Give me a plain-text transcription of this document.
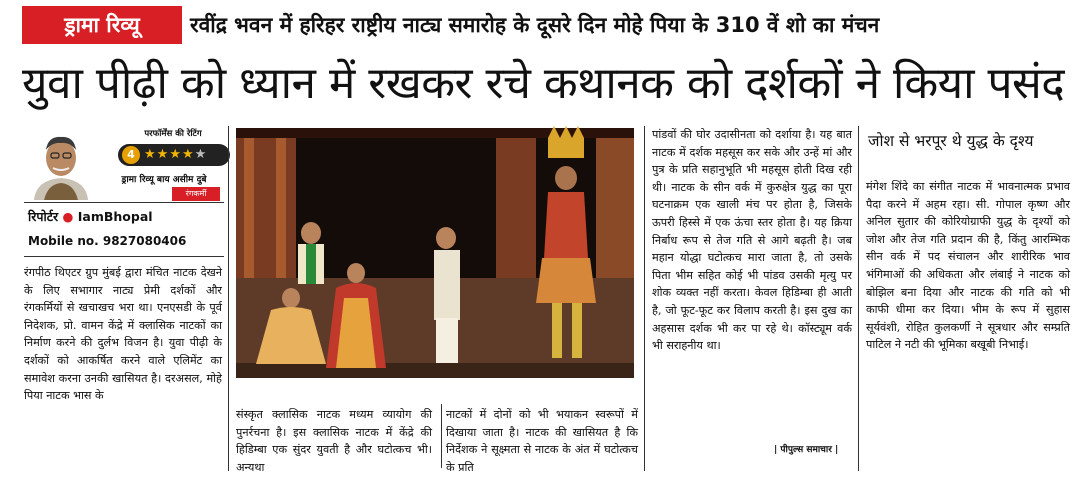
ड्रामा रिव्यू	रवींद्र भवन में हरिहर राष्ट्रीय नाट्य समारोह के दूसरे दिन मोहे पिया के 310 वें शो का मंचन
युवा पीढ़ी को ध्यान में रखकर रचे कथानक को दर्शकों ने किया पसंद
परफॉर्मेंस की रेटिंग
4 ★★★★★
ड्रामा रिव्यू बाय असीम दुबे
रंगकर्मी
रिपोर्टर ● IamBhopal
Mobile no. 9827080406

रंगपीठ थिएटर ग्रुप मुंबई द्वारा मंचित नाटक देखने के लिए सभागार नाट्य प्रेमी दर्शकों और रंगकर्मियों से खचाखच भरा था। एनएसडी के पूर्व निदेशक, प्रो. वामन केंद्रे में क्लासिक नाटकों का निर्माण करने की दुर्लभ विजन है। युवा पीढ़ी के दर्शकों को आकर्षित करने वाले एलिमेंट का समावेश करना उनकी खासियत है। दरअसल, मोहे पिया नाटक भास के

संस्कृत क्लासिक नाटक मध्यम व्यायोग की पुनर्रचना है। इस क्लासिक नाटक में केंद्रे की हिडिम्बा एक सुंदर युवती है और घटोत्कच भी। अन्यथा

नाटकों में दोनों को भी भयाकन स्वरूपों में दिखाया जाता है। नाटक की खासियत है कि निर्देशक ने सूक्ष्मता से नाटक के अंत में घटोत्कच के प्रति

पांडवों की घोर उदासीनता को दर्शाया है। यह बात नाटक में दर्शक महसूस कर सके और उन्हें मां और पुत्र के प्रति सहानुभूति भी महसूस होती दिख रही थी। नाटक के सीन वर्क में कुरुक्षेत्र युद्ध का पूरा घटनाक्रम एक खाली मंच पर होता है, जिसके ऊपरी हिस्से में एक ऊंचा स्तर होता है। यह क्रिया निर्बाध रूप से तेज गति से आगे बढ़ती है। जब महान योद्धा घटोत्कच मारा जाता है, तो उसके पिता भीम सहित कोई भी पांडव उसकी मृत्यु पर शोक व्यक्त नहीं करता। केवल हिडिम्बा ही आती है, जो फूट-फूट कर विलाप करती है। इस दुख का अहसास दर्शक भी कर पा रहे थे। कॉस्ट्यूम वर्क भी सराहनीय था।

| पीपुल्स समाचार |
जोश से भरपूर थे युद्ध के दृश्य

मंगेश शिंदे का संगीत नाटक में भावनात्मक प्रभाव पैदा करने में अहम रहा। सी. गोपाल कृष्ण और अनिल सुतार की कोरियोग्राफी युद्ध के दृश्यों को जोश और तेज गति प्रदान की है, किंतु आरम्भिक सीन वर्क में पद संचालन और शारीरिक भाव भंगिमाओं की अधिकता और लंबाई ने नाटक को बोझिल बना दिया और नाटक की गति को भी काफी धीमा कर दिया। भीम के रूप में सुहास सूर्यवंशी, रोहित कुलकर्णी ने सूत्रधार और सम्प्रति पाटिल ने नटी की भूमिका बखूबी निभाई।
